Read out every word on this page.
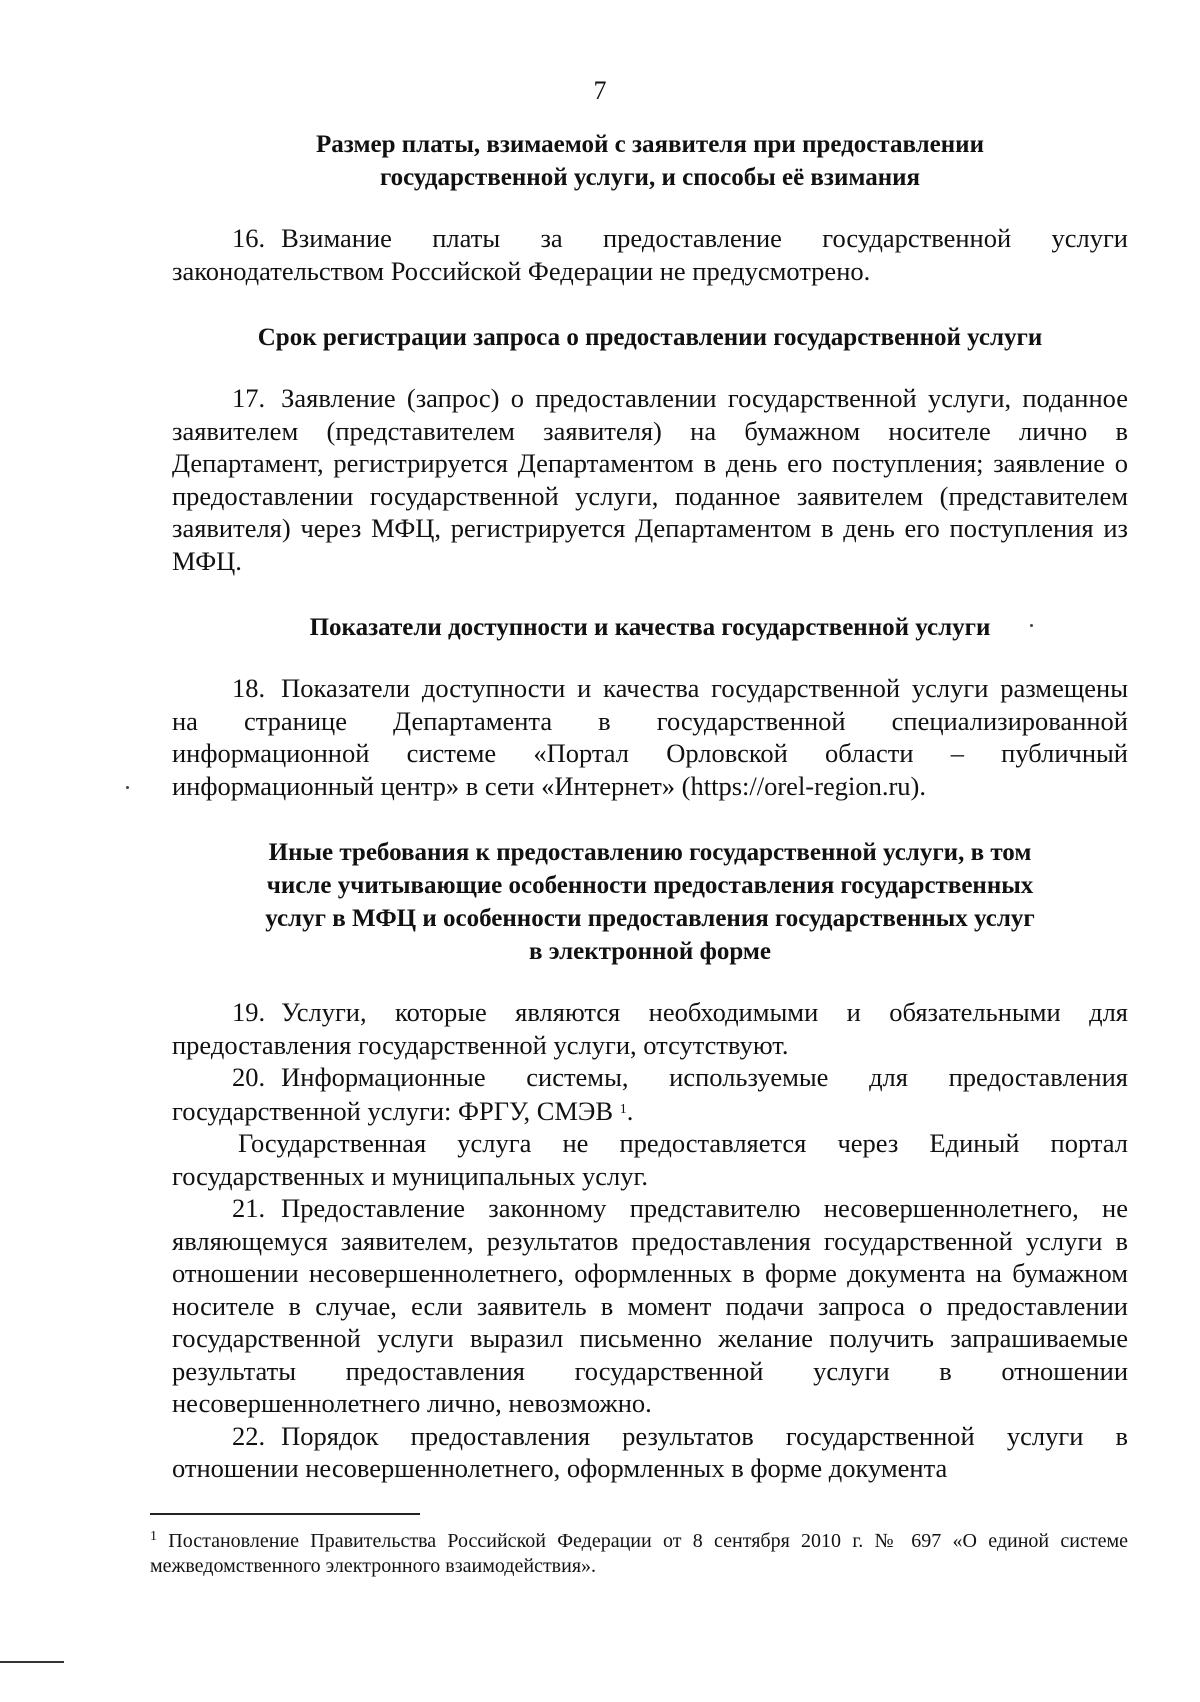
7

Размер платы, взимаемой с заявителя при предоставлении
государственной услуги, и способы её взимания

16. Взимание платы за предоставление государственной услуги законодательством Российской Федерации не предусмотрено.

Срок регистрации запроса о предоставлении государственной услуги

17. Заявление (запрос) о предоставлении государственной услуги, поданное заявителем (представителем заявителя) на бумажном носителе лично в Департамент, регистрируется Департаментом в день его поступления; заявление о предоставлении государственной услуги, поданное заявителем (представителем заявителя) через МФЦ, регистрируется Департаментом в день его поступления из МФЦ.

Показатели доступности и качества государственной услуги

18. Показатели доступности и качества государственной услуги размещены на странице Департамента в государственной специализированной информационной системе «Портал Орловской области – публичный информационный центр» в сети «Интернет» (https://orel-region.ru).

Иные требования к предоставлению государственной услуги, в том
числе учитывающие особенности предоставления государственных
услуг в МФЦ и особенности предоставления государственных услуг
в электронной форме

19. Услуги, которые являются необходимыми и обязательными для предоставления государственной услуги, отсутствуют.

20. Информационные системы, используемые для предоставления государственной услуги: ФРГУ, СМЭВ $^1$.

Государственная услуга не предоставляется через Единый портал государственных и муниципальных услуг.

21. Предоставление законному представителю несовершеннолетнего, не являющемуся заявителем, результатов предоставления государственной услуги в отношении несовершеннолетнего, оформленных в форме документа на бумажном носителе в случае, если заявитель в момент подачи запроса о предоставлении государственной услуги выразил письменно желание получить запрашиваемые результаты предоставления государственной услуги в отношении несовершеннолетнего лично, невозможно.

22. Порядок предоставления результатов государственной услуги в отношении несовершеннолетнего, оформленных в форме документа

$^1$ Постановление Правительства Российской Федерации от 8 сентября 2010 г. № 697 «О единой системе межведомственного электронного взаимодействия».
